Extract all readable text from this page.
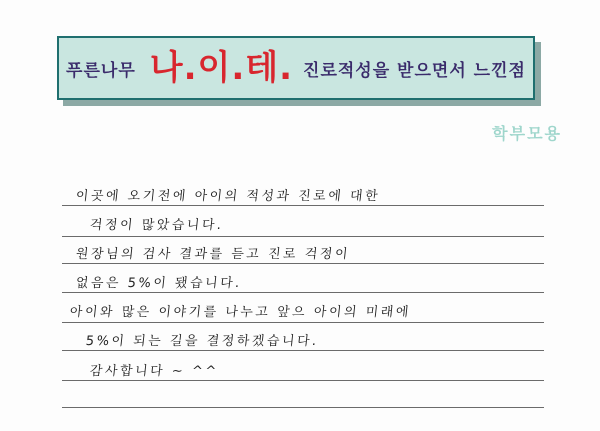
푸른나무 나.이.테. 진로적성을 받으면서 느낀점
학부모용
이곳에 오기전에 아이의 적성과 진로에 대한
걱정이 많았습니다.
원장님의 검사 결과를 듣고 진로 걱정이
없음은 5%이 됐습니다.
아이와 많은 이야기를 나누고 앞으 아이의 미래에
5%이 되는 길을 결정하겠습니다.
감사합니다 ~ ^^
